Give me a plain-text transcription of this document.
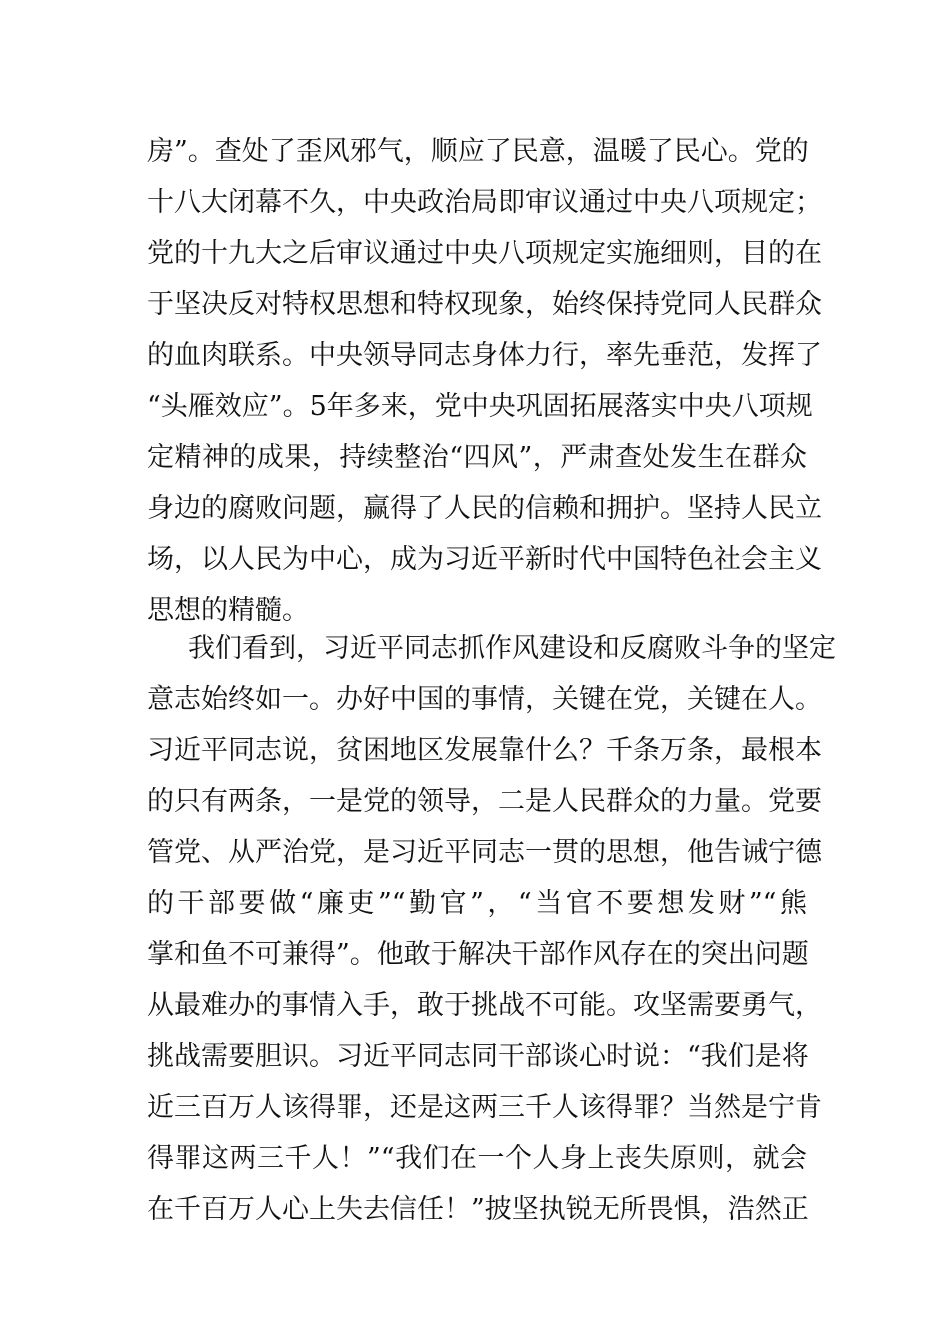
房”。查处了歪风邪气，顺应了民意，温暖了民心。党的
十八大闭幕不久，中央政治局即审议通过中央八项规定；
党的十九大之后审议通过中央八项规定实施细则，目的在
于坚决反对特权思想和特权现象，始终保持党同人民群众
的血肉联系。中央领导同志身体力行，率先垂范，发挥了
“头雁效应”。5年多来，党中央巩固拓展落实中央八项规
定精神的成果，持续整治“四风”，严肃查处发生在群众
身边的腐败问题，赢得了人民的信赖和拥护。坚持人民立
场，以人民为中心，成为习近平新时代中国特色社会主义
思想的精髓。
我们看到，习近平同志抓作风建设和反腐败斗争的坚定
意志始终如一。办好中国的事情，关键在党，关键在人。
习近平同志说，贫困地区发展靠什么？千条万条，最根本
的只有两条，一是党的领导，二是人民群众的力量。党要
管党、从严治党，是习近平同志一贯的思想，他告诫宁德
的干部要做“廉吏”“勤官”，“当官不要想发财”“熊
掌和鱼不可兼得”。他敢于解决干部作风存在的突出问题
从最难办的事情入手，敢于挑战不可能。攻坚需要勇气，
挑战需要胆识。习近平同志同干部谈心时说：“我们是将
近三百万人该得罪，还是这两三千人该得罪？当然是宁肯
得罪这两三千人！”“我们在一个人身上丧失原则，就会
在千百万人心上失去信任！”披坚执锐无所畏惧，浩然正
